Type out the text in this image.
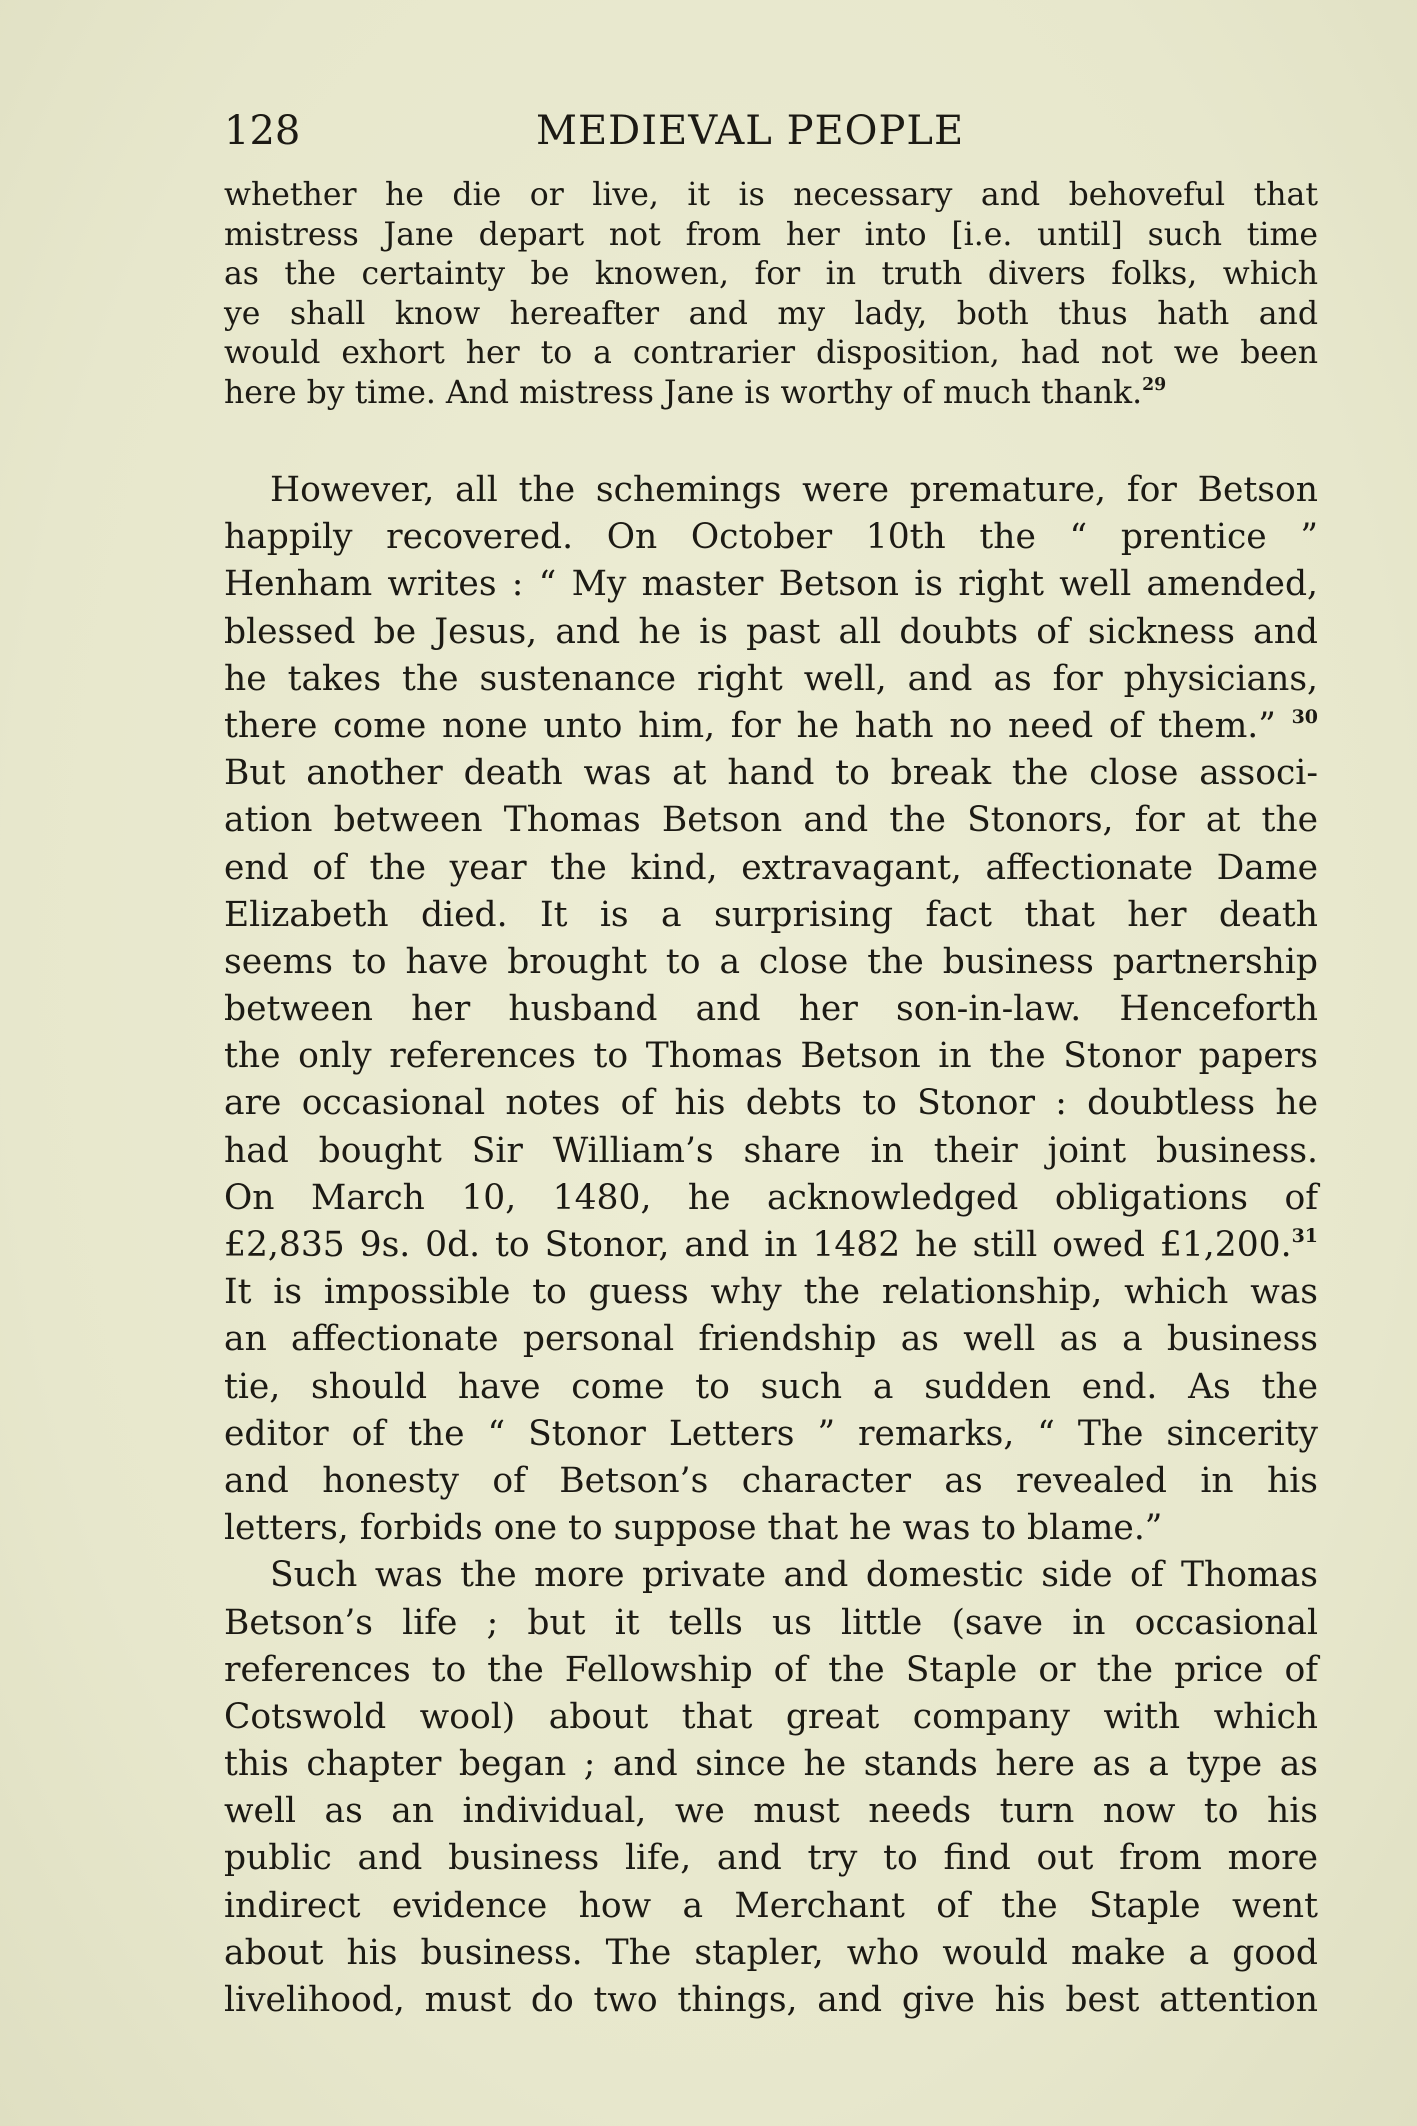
128	MEDIEVAL PEOPLE
whether he die or live, it is necessary and behoveful that
mistress Jane depart not from her into [i.e. until] such time
as the certainty be knowen, for in truth divers folks, which
ye shall know hereafter and my lady, both thus hath and
would exhort her to a contrarier disposition, had not we been
here by time. And mistress Jane is worthy of much thank.$^{29}$
However, all the schemings were premature, for Betson
happily recovered. On October 10th the “ prentice ”
Henham writes : “ My master Betson is right well amended,
blessed be Jesus, and he is past all doubts of sickness and
he takes the sustenance right well, and as for physicians,
there come none unto him, for he hath no need of them.” $^{30}$
But another death was at hand to break the close associ-
ation between Thomas Betson and the Stonors, for at the
end of the year the kind, extravagant, affectionate Dame
Elizabeth died. It is a surprising fact that her death
seems to have brought to a close the business partnership
between her husband and her son-in-law. Henceforth
the only references to Thomas Betson in the Stonor papers
are occasional notes of his debts to Stonor : doubtless he
had bought Sir William’s share in their joint business.
On March 10, 1480, he acknowledged obligations of
£2,835 9s. 0d. to Stonor, and in 1482 he still owed £1,200.31
It is impossible to guess why the relationship, which was
an affectionate personal friendship as well as a business
tie, should have come to such a sudden end. As the
editor of the “ Stonor Letters ” remarks, “ The sincerity
and honesty of Betson’s character as revealed in his
letters, forbids one to suppose that he was to blame.”
Such was the more private and domestic side of Thomas
Betson’s life ; but it tells us little (save in occasional
references to the Fellowship of the Staple or the price of
Cotswold wool) about that great company with which
this chapter began ; and since he stands here as a type as
well as an individual, we must needs turn now to his
public and business life, and try to find out from more
indirect evidence how a Merchant of the Staple went
about his business. The stapler, who would make a good
livelihood, must do two things, and give his best attention
